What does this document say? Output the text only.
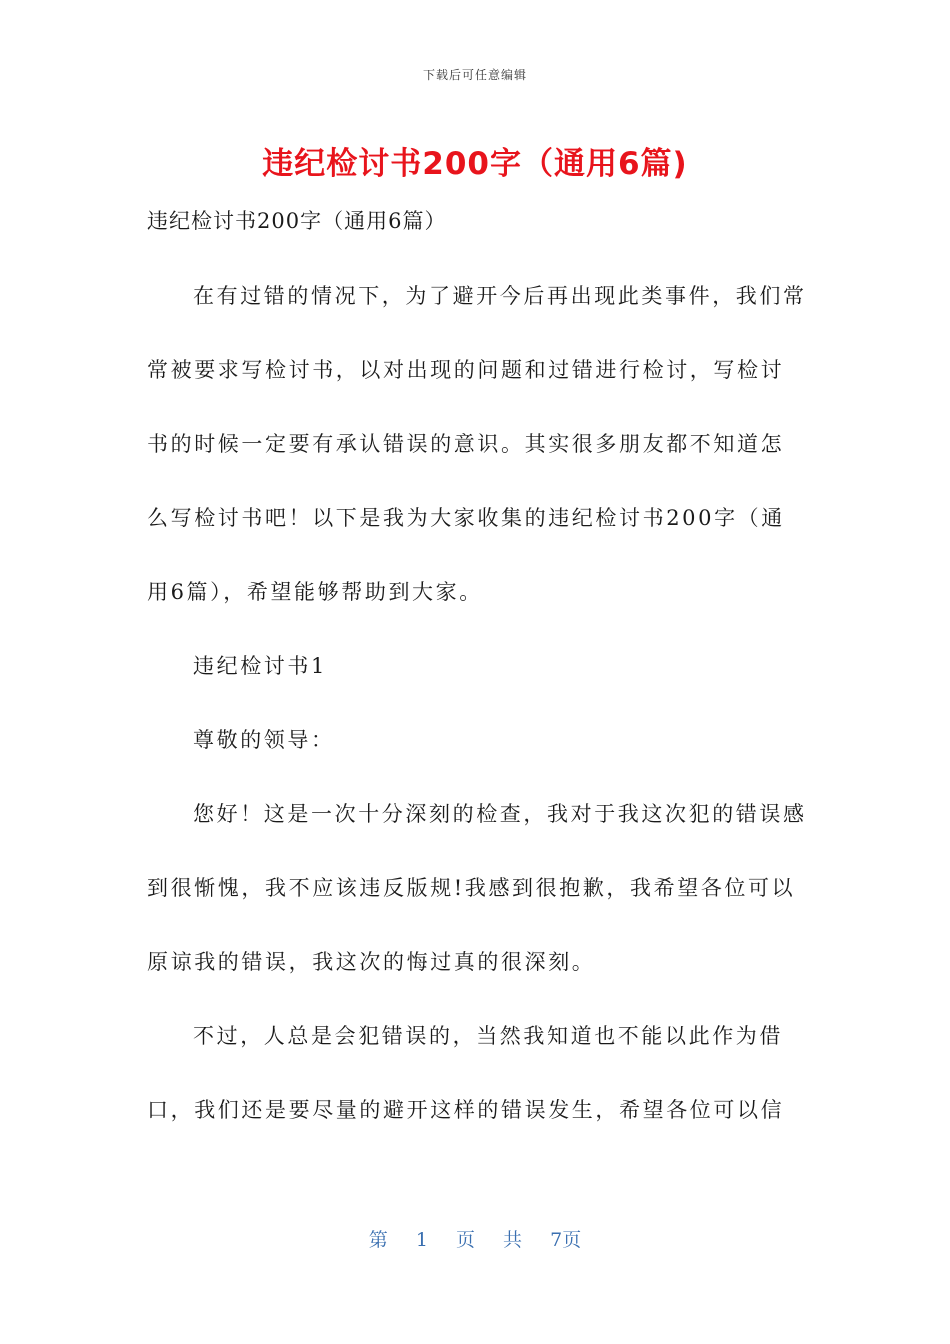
下载后可任意编辑
违纪检讨书200字（通用6篇)
违纪检讨书200字（通用6篇）

在有过错的情况下，为了避开今后再出现此类事件，我们常常被要求写检讨书，以对出现的问题和过错进行检讨，写检讨书的时候一定要有承认错误的意识。其实很多朋友都不知道怎么写检讨书吧！以下是我为大家收集的违纪检讨书200字（通用6篇），希望能够帮助到大家。

违纪检讨书1

尊敬的领导：

您好！这是一次十分深刻的检查，我对于我这次犯的错误感到很惭愧，我不应该违反版规!我感到很抱歉，我希望各位可以原谅我的错误，我这次的悔过真的很深刻。

不过，人总是会犯错误的，当然我知道也不能以此作为借口，我们还是要尽量的避开这样的错误发生，希望各位可以信

第 1 页 共 7页
